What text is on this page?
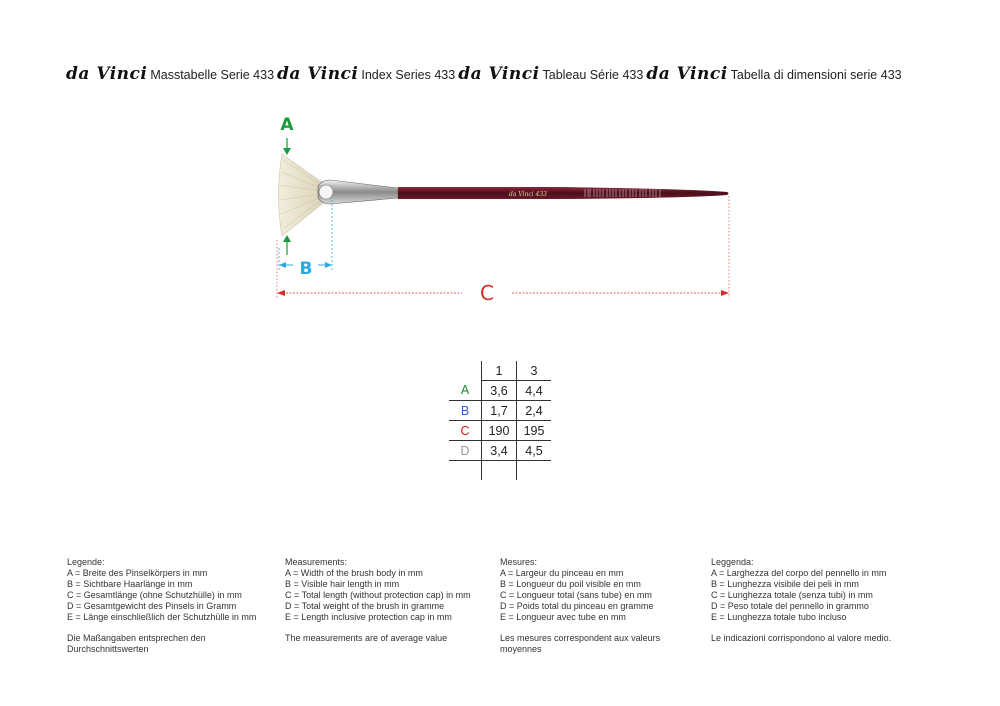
da Vinci Masstabelle Serie 433 da Vinci Index Series 433 da Vinci Tableau Série 433 da Vinci Tabella di dimensioni serie 433
A
da Vinci 433
B
C
	1	3
A	3,6	4,4
B	1,7	2,4
C	190	195
D	3,4	4,5

Legende:
A = Breite des Pinselkörpers in mm
B = Sichtbare Haarlänge in mm
C = Gesamtlänge (ohne Schutzhülle) in mm
D = Gesamtgewicht des Pinsels in Gramm
E = Länge einschließlich der Schutzhülle in mm
Die Maßangaben entsprechen den
Durchschnittswerten
Measurements:
A = Width of the brush body in mm
B = Visible hair length in mm
C = Total length (without protection cap) in mm
D = Total weight of the brush in gramme
E = Length inclusive protection cap in mm
The measurements are of average value
Mesures:
A = Largeur du pinceau en mm
B = Longueur du poil visible en mm
C = Longueur total (sans tube) en mm
D = Poids total du pinceau en gramme
E = Longueur avec tube en mm
Les mesures correspondent aux valeurs
moyennes
Leggenda:
A = Larghezza del corpo del pennello in mm
B = Lunghezza visibile dei peli in mm
C = Lunghezza totale (senza tubi) in mm
D = Peso totale del pennello in grammo
E = Lunghezza totale tubo incluso
Le indicazioni corrispondono al valore medio.
